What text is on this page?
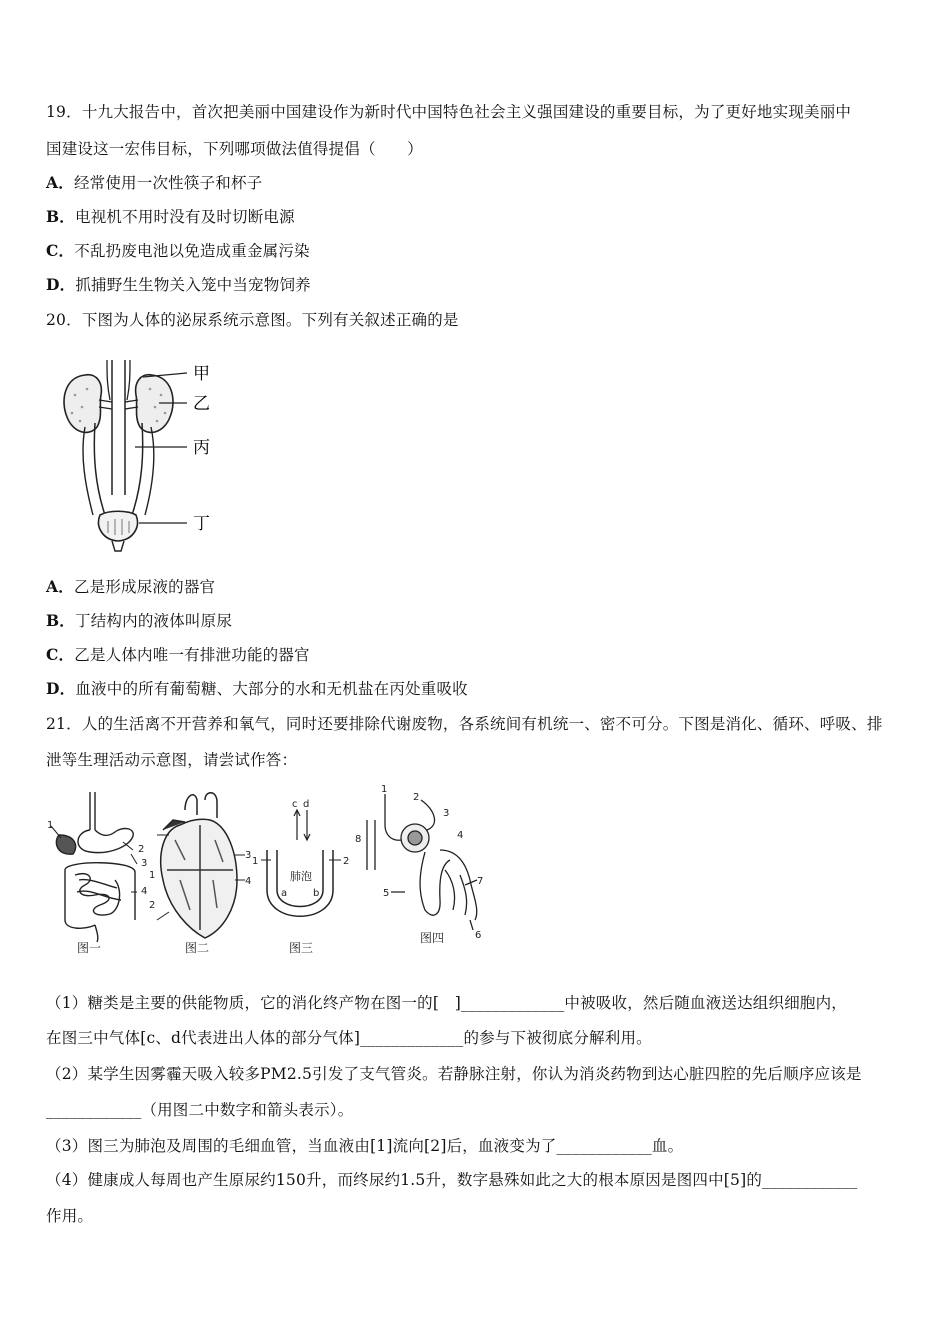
19．十九大报告中，首次把美丽中国建设作为新时代中国特色社会主义强国建设的重要目标，为了更好地实现美丽中
国建设这一宏伟目标，下列哪项做法值得提倡（　　）
A．经常使用一次性筷子和杯子
B．电视机不用时没有及时切断电源
C．不乱扔废电池以免造成重金属污染
D．抓捕野生生物关入笼中当宠物饲养
20．下图为人体的泌尿系统示意图。下列有关叙述正确的是
甲
乙
丙
丁
A．乙是形成尿液的器官
B．丁结构内的液体叫原尿
C．乙是人体内唯一有排泄功能的器官
D．血液中的所有葡萄糖、大部分的水和无机盐在丙处重吸收
21．人的生活离不开营养和氧气，同时还要排除代谢废物，各系统间有机统一、密不可分。下图是消化、循环、呼吸、排
泄等生理活动示意图，请尝试作答：
1
2
3
4
图一
1
2
3
4
图二
c d
1	2
肺泡
a	b
图三
1
2
3
4
5
6
7
8
图四
（1）糖类是主要的供能物质，它的消化终产物在图一的[　]_____________中被吸收，然后随血液送达组织细胞内，
在图三中气体[c、d代表进出人体的部分气体]_____________的参与下被彻底分解利用。
（2）某学生因雾霾天吸入较多PM2.5引发了支气管炎。若静脉注射，你认为消炎药物到达心脏四腔的先后顺序应该是
____________（用图二中数字和箭头表示）。
（3）图三为肺泡及周围的毛细血管，当血液由[1]流向[2]后，血液变为了____________血。
（4）健康成人每周也产生原尿约150升，而终尿约1.5升，数字悬殊如此之大的根本原因是图四中[5]的____________
作用。
